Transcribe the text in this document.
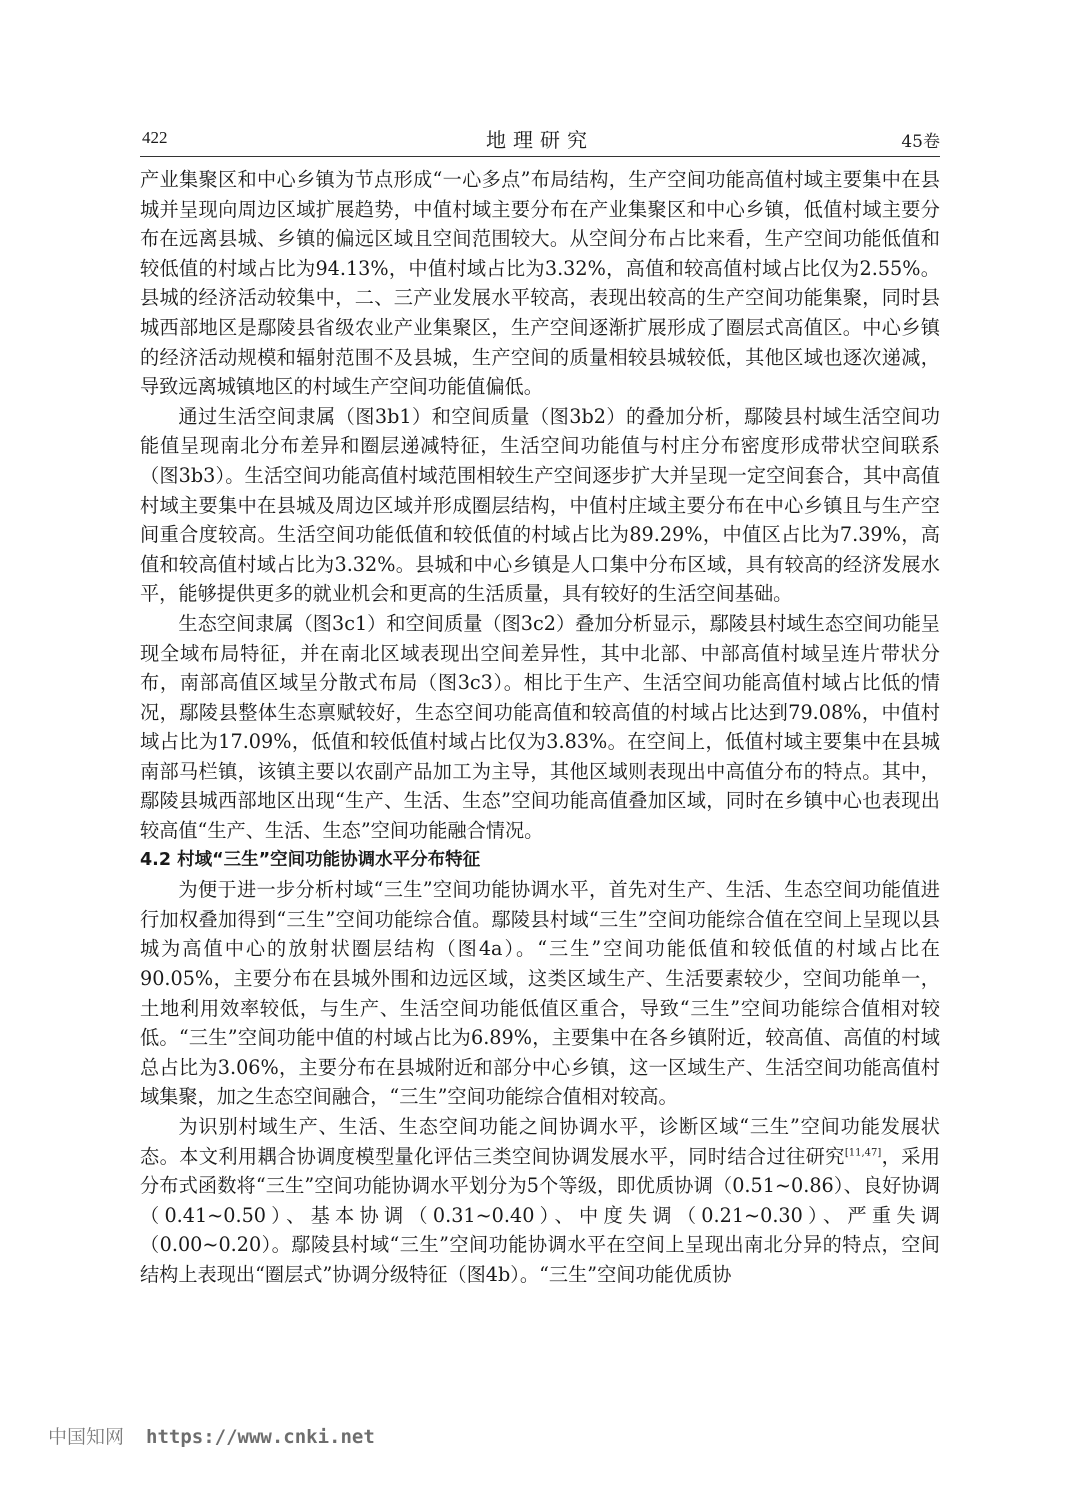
422	地理研究	45卷

产业集聚区和中心乡镇为节点形成“一心多点”布局结构，生产空间功能高值村域主要集中在县城并呈现向周边区域扩展趋势，中值村域主要分布在产业集聚区和中心乡镇，低值村域主要分布在远离县城、乡镇的偏远区域且空间范围较大。从空间分布占比来看，生产空间功能低值和较低值的村域占比为94.13%，中值村域占比为3.32%，高值和较高值村域占比仅为2.55%。县城的经济活动较集中，二、三产业发展水平较高，表现出较高的生产空间功能集聚，同时县城西部地区是鄢陵县省级农业产业集聚区，生产空间逐渐扩展形成了圈层式高值区。中心乡镇的经济活动规模和辐射范围不及县城，生产空间的质量相较县城较低，其他区域也逐次递减，导致远离城镇地区的村域生产空间功能值偏低。

通过生活空间隶属（图3b1）和空间质量（图3b2）的叠加分析，鄢陵县村域生活空间功能值呈现南北分布差异和圈层递减特征，生活空间功能值与村庄分布密度形成带状空间联系（图3b3）。生活空间功能高值村域范围相较生产空间逐步扩大并呈现一定空间套合，其中高值村域主要集中在县城及周边区域并形成圈层结构，中值村庄域主要分布在中心乡镇且与生产空间重合度较高。生活空间功能低值和较低值的村域占比为89.29%，中值区占比为7.39%，高值和较高值村域占比为3.32%。县城和中心乡镇是人口集中分布区域，具有较高的经济发展水平，能够提供更多的就业机会和更高的生活质量，具有较好的生活空间基础。

生态空间隶属（图3c1）和空间质量（图3c2）叠加分析显示，鄢陵县村域生态空间功能呈现全域布局特征，并在南北区域表现出空间差异性，其中北部、中部高值村域呈连片带状分布，南部高值区域呈分散式布局（图3c3）。相比于生产、生活空间功能高值村域占比低的情况，鄢陵县整体生态禀赋较好，生态空间功能高值和较高值的村域占比达到79.08%，中值村域占比为17.09%，低值和较低值村域占比仅为3.83%。在空间上，低值村域主要集中在县城南部马栏镇，该镇主要以农副产品加工为主导，其他区域则表现出中高值分布的特点。其中，鄢陵县城西部地区出现“生产、生活、生态”空间功能高值叠加区域，同时在乡镇中心也表现出较高值“生产、生活、生态”空间功能融合情况。

4.2 村域“三生”空间功能协调水平分布特征

为便于进一步分析村域“三生”空间功能协调水平，首先对生产、生活、生态空间功能值进行加权叠加得到“三生”空间功能综合值。鄢陵县村域“三生”空间功能综合值在空间上呈现以县城为高值中心的放射状圈层结构（图4a）。“三生”空间功能低值和较低值的村域占比在90.05%，主要分布在县城外围和边远区域，这类区域生产、生活要素较少，空间功能单一，土地利用效率较低，与生产、生活空间功能低值区重合，导致“三生”空间功能综合值相对较低。“三生”空间功能中值的村域占比为6.89%，主要集中在各乡镇附近，较高值、高值的村域总占比为3.06%，主要分布在县城附近和部分中心乡镇，这一区域生产、生活空间功能高值村域集聚，加之生态空间融合，“三生”空间功能综合值相对较高。

为识别村域生产、生活、生态空间功能之间协调水平，诊断区域“三生”空间功能发展状态。本文利用耦合协调度模型量化评估三类空间协调发展水平，同时结合过往研究[11,47]，采用分布式函数将“三生”空间功能协调水平划分为5个等级，即优质协调（0.51~0.86）、良好协调（0.41~0.50）、基本协调（0.31~0.40）、中度失调（0.21~0.30）、严重失调（0.00~0.20）。鄢陵县村域“三生”空间功能协调水平在空间上呈现出南北分异的特点，空间结构上表现出“圈层式”协调分级特征（图4b）。“三生”空间功能优质协

中国知网 https://www.cnki.net
